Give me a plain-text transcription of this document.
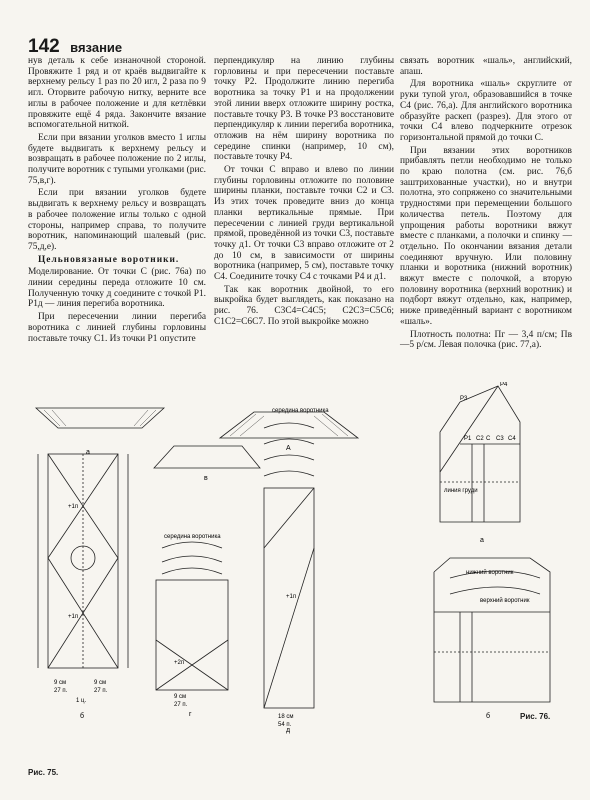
142 вязание

нув деталь к себе изнаночной стороной. Провяжите 1 ряд и от краёв выдвигайте к верхнему рельсу 1 раз по 20 игл, 2 раза по 9 игл. Оторвите рабочую нитку, верните все иглы в рабочее положение и для кетлёвки провяжите ещё 4 ряда. Закончите вязание вспомогательной ниткой.

Если при вязании уголков вместо 1 иглы будете выдвигать к верхнему рельсу и возвращать в рабочее положение по 2 иглы, получите воротник с тупыми уголками (рис. 75,в,г).

Если при вязании уголков будете выдвигать к верхнему рельсу и возвращать в рабочее положение иглы только с одной стороны, например справа, то получите воротник, напоминающий шалевый (рис. 75,д,е).

Цельновязаные воротники.

Моделирование. От точки С (рис. 76а) по линии середины переда отложите 10 см. Полученную точку д соедините с точкой Р1. Р1д — линия перегиба воротника.

При пересечении линии перегиба воротника с линией глубины горловины поставьте точку С1. Из точки Р1 опустите

перпендикуляр на линию глубины горловины и при пересечении поставьте точку Р2. Продолжите линию перегиба воротника за точку Р1 и на продолжении этой линии вверх отложите ширину ростка, поставьте точку Р3. В точке Р3 восстановите перпендикуляр к линии перегиба воротника, отложив на нём ширину воротника по середине спинки (например, 10 см), поставьте точку Р4.

От точки С вправо и влево по линии глубины горловины отложите по половине ширины планки, поставьте точки С2 и С3. Из этих точек проведите вниз до конца планки вертикальные прямые. При пересечении с линией груди вертикальной прямой, проведённой из точки С3, поставьте точку д1. От точки С3 вправо отложите от 2 до 10 см, в зависимости от ширины воротника (например, 5 см), поставьте точку С4. Соедините точку С4 с точками Р4 и д1.

Так как воротник двойной, то его выкройка будет выглядеть, как показано на рис. 76. С3С4=С4С5; С2С3=С5С6; С1С2=С6С7. По этой выкройке можно

связать воротник «шаль», английский, апаш.

Для воротника «шаль» скруглите от руки тупой угол, образовавшийся в точке С4 (рис. 76,а). Для английского воротника образуйте раскеп (разрез). Для этого от точки С4 влево подчеркните отрезок горизонтальной прямой до точки С.

При вязании этих воротников прибавлять петли необходимо не только по краю полотна (см. рис. 76,б заштрихованные участки), но и внутри полотна, это сопряжено со значительными трудностями при перемещении большого количества петель. Поэтому для упрощения работы воротники вяжут вместе с планками, а полочки и спинку — отдельно. По окончании вязания детали соединяют вручную. Или половину планки и воротника (нижний воротник) вяжут вместе с полочкой, а вторую половину воротника (верхний воротник) и подборт вяжут отдельно, как, например, ниже приведённый вариант с воротником «шаль».

Плотность полотна: Пг — 3,4 п/см; Пв—5 р/см. Левая полочка (рис. 77,а).

а
А
в
б	г
д
середина воротника
середина воротника
9 см
27 п.
9 см
27 п.
9 см
27 п.
18 см
54 п.
1 ц.
+1п
+1п
+1п
+2п
P4
P3
P1 C2 C C3 C4
линия груди
а
нижний воротник
верхний воротник
б
Рис. 75.
Рис. 76.
